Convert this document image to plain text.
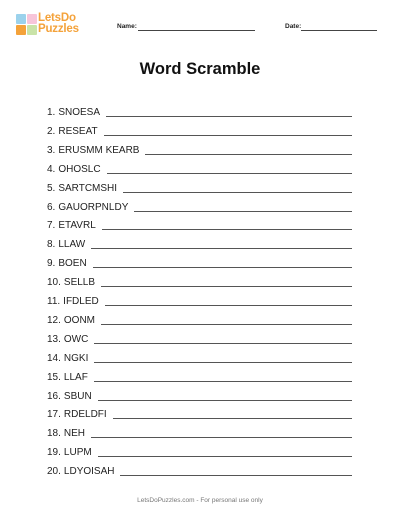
LetsDo
Puzzles	Name:	Date:
Word Scramble
1. SNOESA
2. RESEAT
3. ERUSMM KEARB
4. OHOSLC
5. SARTCMSHI
6. GAUORPNLDY
7. ETAVRL
8. LLAW
9. BOEN
10. SELLB
11. IFDLED
12. OONM
13. OWC
14. NGKI
15. LLAF
16. SBUN
17. RDELDFI
18. NEH
19. LUPM
20. LDYOISAH
LetsDoPuzzles.com - For personal use only
